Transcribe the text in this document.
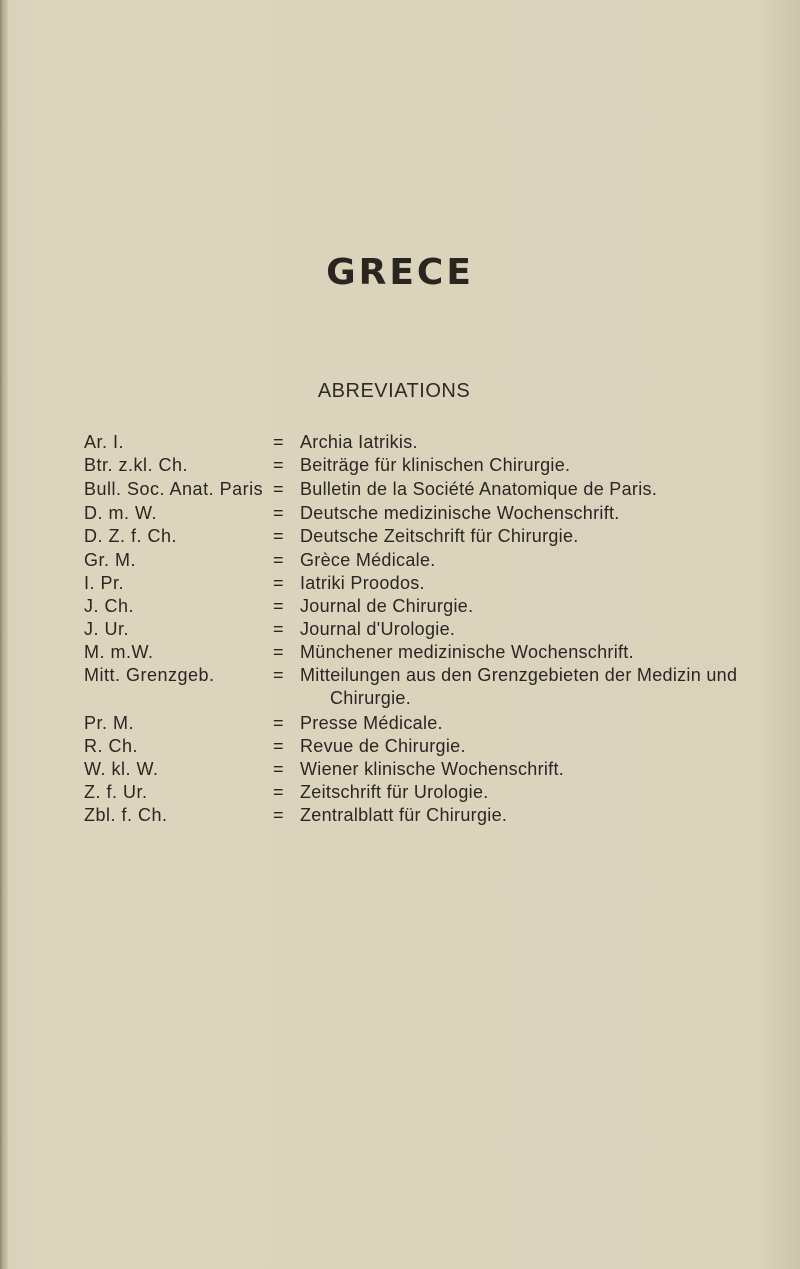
GRECE
ABREVIATIONS
Ar. I.	= Archia Iatrikis.
Btr. z.kl. Ch.	= Beiträge für klinischen Chirurgie.
Bull. Soc. Anat. Paris = Bulletin de la Société Anatomique de Paris.
D. m. W.	= Deutsche medizinische Wochenschrift.
D. Z. f. Ch.	= Deutsche Zeitschrift für Chirurgie.
Gr. M.	= Grèce Médicale.
I. Pr.	= Iatriki Proodos.
J. Ch.	= Journal de Chirurgie.
J. Ur.	= Journal d'Urologie.
M. m.W.	= Münchener medizinische Wochenschrift.
Mitt. Grenzgeb.	= Mitteilungen aus den Grenzgebieten der Medizin und
Chirurgie.
Pr. M.	= Presse Médicale.
R. Ch.	= Revue de Chirurgie.
W. kl. W.	= Wiener klinische Wochenschrift.
Z. f. Ur.	= Zeitschrift für Urologie.
Zbl. f. Ch.	= Zentralblatt für Chirurgie.
